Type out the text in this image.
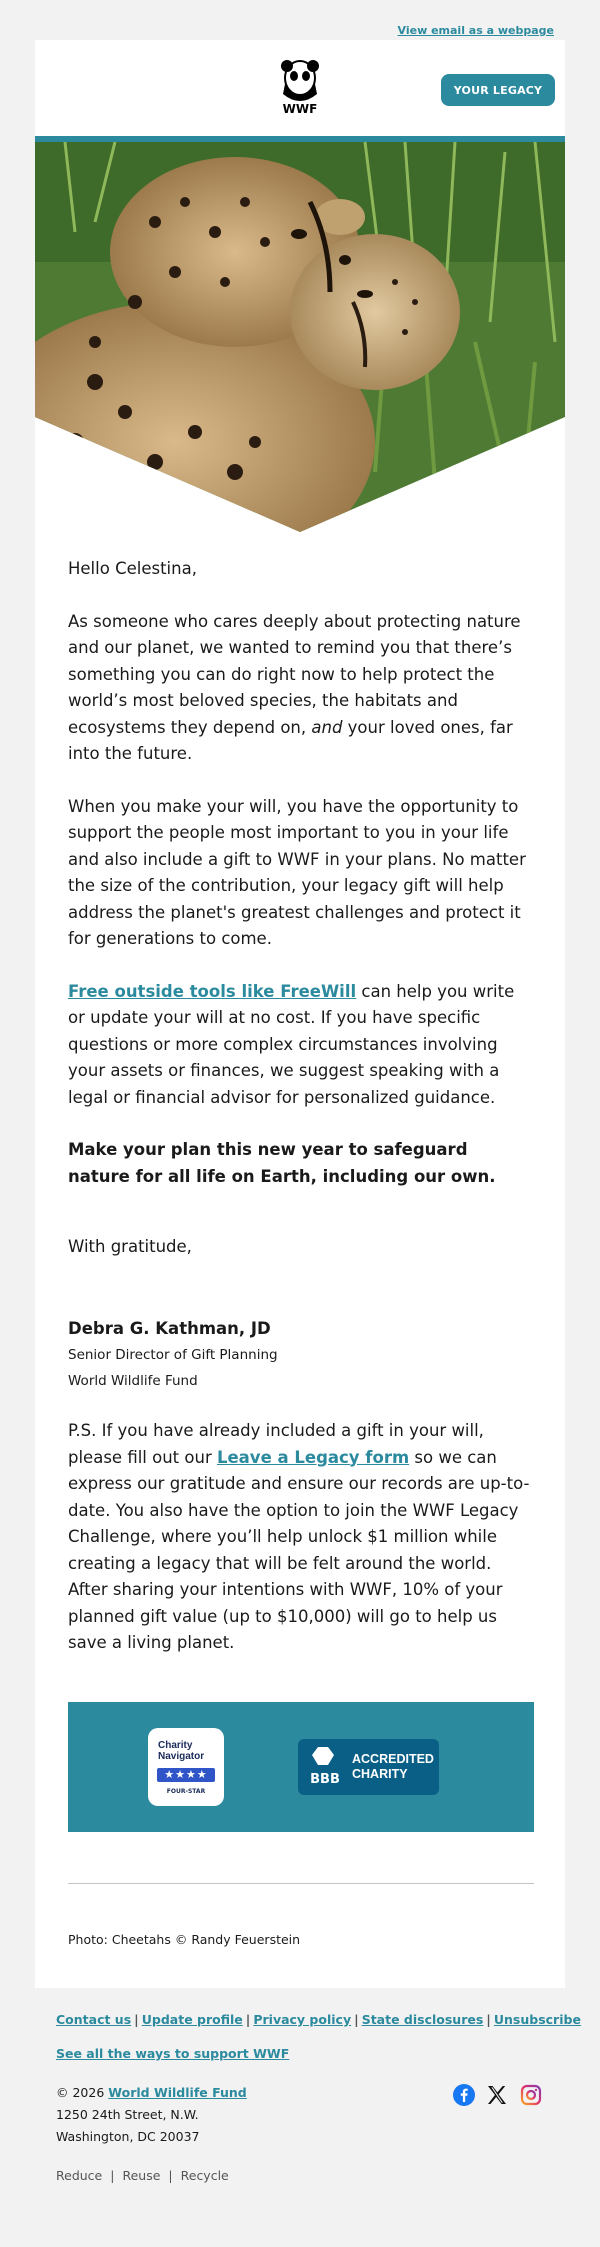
View email as a webpage
WWF
YOUR LEGACY

Hello Celestina,

As someone who cares deeply about protecting nature and our planet, we wanted to remind you that there’s something you can do right now to help protect the world’s most beloved species, the habitats and ecosystems they depend on, and your loved ones, far into the future.

When you make your will, you have the opportunity to support the people most important to you in your life and also include a gift to WWF in your plans. No matter the size of the contribution, your legacy gift will help address the planet's greatest challenges and protect it for generations to come.

Free outside tools like FreeWill can help you write or update your will at no cost. If you have specific questions or more complex circumstances involving your assets or finances, we suggest speaking with a legal or financial advisor for personalized guidance.

Make your plan this new year to safeguard nature for all life on Earth, including our own.

With gratitude,

Debra G. Kathman, JD
Senior Director of Gift Planning
World Wildlife Fund

P.S. If you have already included a gift in your will, please fill out our Leave a Legacy form so we can express our gratitude and ensure our records are up-to-date. You also have the option to join the WWF Legacy Challenge, where you’ll help unlock $1 million while creating a legacy that will be felt around the world. After sharing your intentions with WWF, 10% of your planned gift value (up to $10,000) will go to help us save a living planet.

Charity
Navigator
★★★★
FOUR-STAR
BBB
ACCREDITED
CHARITY
Photo: Cheetahs © Randy Feuerstein
Contact us | Update profile | Privacy policy | State disclosures | Unsubscribe
See all the ways to support WWF
© 2026 World Wildlife Fund
1250 24th Street, N.W.
Washington, DC 20037
Reduce | Reuse | Recycle
